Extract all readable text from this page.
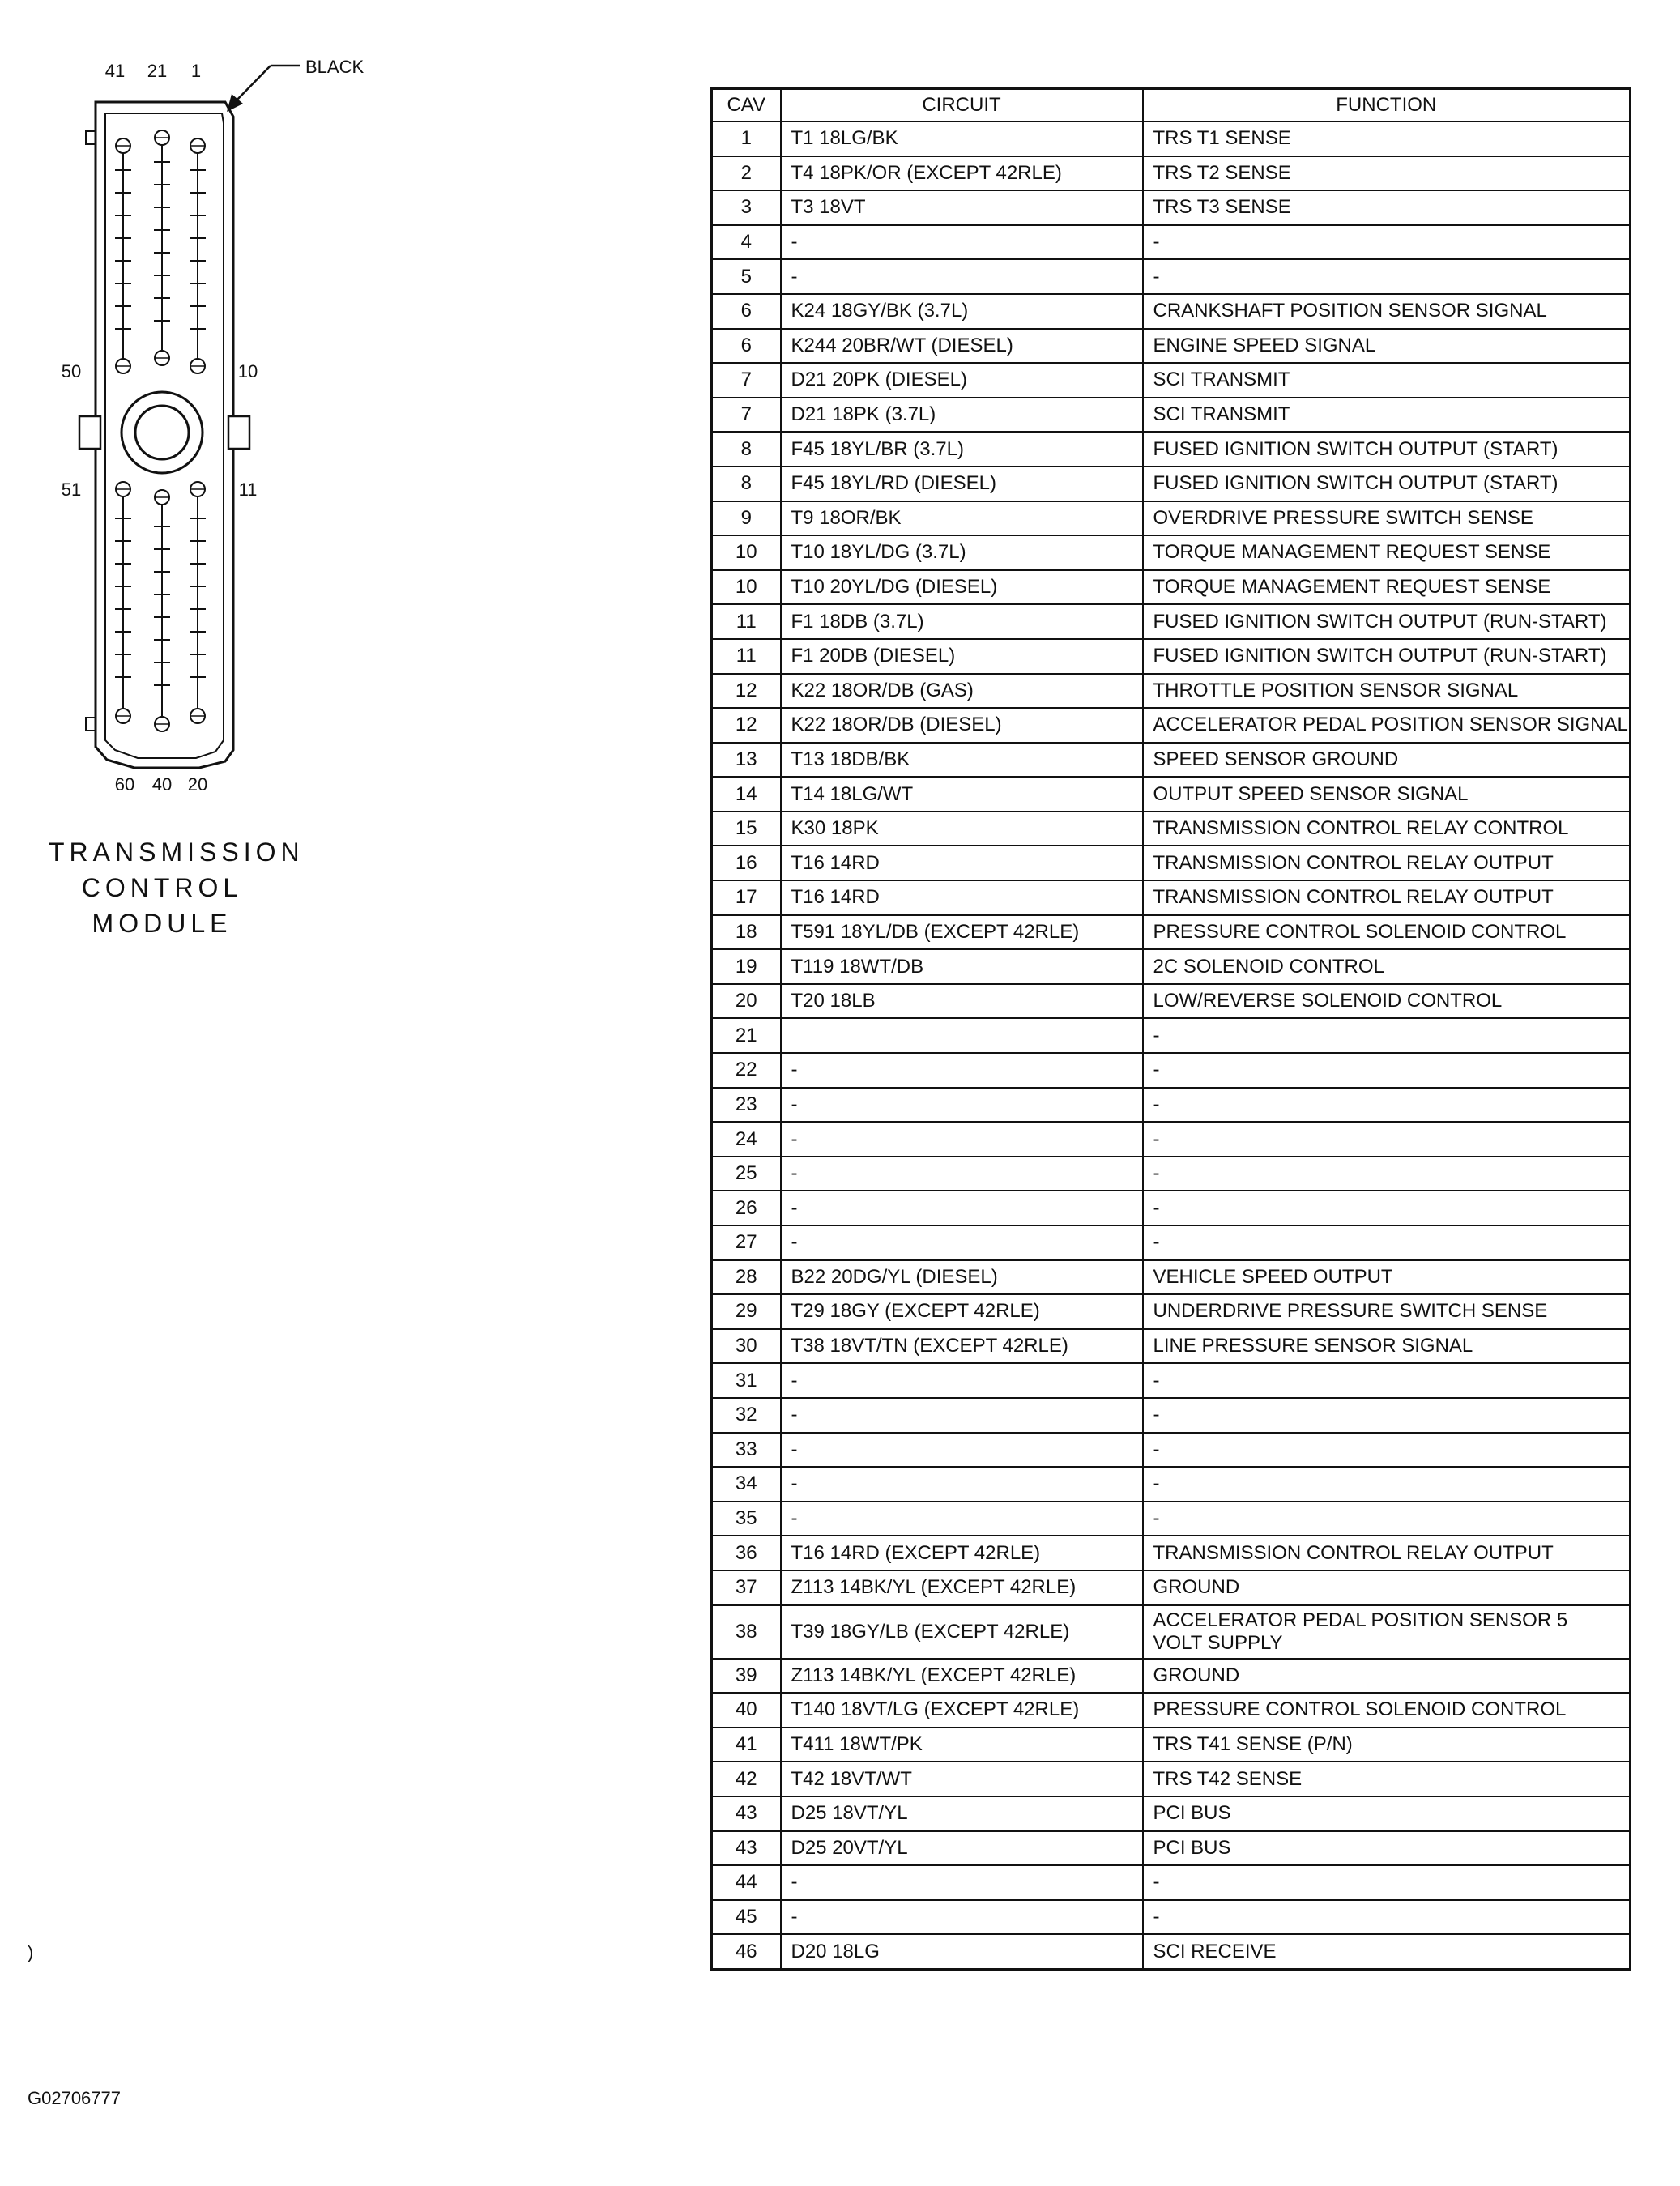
41 21 1	BLACK
50	10
51	11
60 40 20
TRANSMISSION
CONTROL
MODULE
CAV	CIRCUIT	FUNCTION
1	T1 18LG/BK	TRS T1 SENSE
2	T4 18PK/OR (EXCEPT 42RLE)	TRS T2 SENSE
3	T3 18VT	TRS T3 SENSE
4	-	-
5	-	-
6	K24 18GY/BK (3.7L)	CRANKSHAFT POSITION SENSOR SIGNAL
6	K244 20BR/WT (DIESEL)	ENGINE SPEED SIGNAL
7	D21 20PK (DIESEL)	SCI TRANSMIT
7	D21 18PK (3.7L)	SCI TRANSMIT
8	F45 18YL/BR (3.7L)	FUSED IGNITION SWITCH OUTPUT (START)
8	F45 18YL/RD (DIESEL)	FUSED IGNITION SWITCH OUTPUT (START)
9	T9 18OR/BK	OVERDRIVE PRESSURE SWITCH SENSE
10	T10 18YL/DG (3.7L)	TORQUE MANAGEMENT REQUEST SENSE
10	T10 20YL/DG (DIESEL)	TORQUE MANAGEMENT REQUEST SENSE
11	F1 18DB (3.7L)	FUSED IGNITION SWITCH OUTPUT (RUN-START)
11	F1 20DB (DIESEL)	FUSED IGNITION SWITCH OUTPUT (RUN-START)
12	K22 18OR/DB (GAS)	THROTTLE POSITION SENSOR SIGNAL
12	K22 18OR/DB (DIESEL)	ACCELERATOR PEDAL POSITION SENSOR SIGNAL
13	T13 18DB/BK	SPEED SENSOR GROUND
14	T14 18LG/WT	OUTPUT SPEED SENSOR SIGNAL
15	K30 18PK	TRANSMISSION CONTROL RELAY CONTROL
16	T16 14RD	TRANSMISSION CONTROL RELAY OUTPUT
17	T16 14RD	TRANSMISSION CONTROL RELAY OUTPUT
18	T591 18YL/DB (EXCEPT 42RLE)	PRESSURE CONTROL SOLENOID CONTROL
19	T119 18WT/DB	2C SOLENOID CONTROL
20	T20 18LB	LOW/REVERSE SOLENOID CONTROL
21		-
22	-	-
23	-	-
24	-	-
25	-	-
26	-	-
27	-	-
28	B22 20DG/YL (DIESEL)	VEHICLE SPEED OUTPUT
29	T29 18GY (EXCEPT 42RLE)	UNDERDRIVE PRESSURE SWITCH SENSE
30	T38 18VT/TN (EXCEPT 42RLE)	LINE PRESSURE SENSOR SIGNAL
31	-	-
32	-	-
33	-	-
34	-	-
35	-	-
36	T16 14RD (EXCEPT 42RLE)	TRANSMISSION CONTROL RELAY OUTPUT
37	Z113 14BK/YL (EXCEPT 42RLE)	GROUND
38	T39 18GY/LB (EXCEPT 42RLE)	ACCELERATOR PEDAL POSITION SENSOR 5 VOLT SUPPLY
39	Z113 14BK/YL (EXCEPT 42RLE)	GROUND
40	T140 18VT/LG (EXCEPT 42RLE)	PRESSURE CONTROL SOLENOID CONTROL
41	T411 18WT/PK	TRS T41 SENSE (P/N)
42	T42 18VT/WT	TRS T42 SENSE
43	D25 18VT/YL	PCI BUS
43	D25 20VT/YL	PCI BUS
44	-	-
45	-	-
46	D20 18LG	SCI RECEIVE
)
G02706777
